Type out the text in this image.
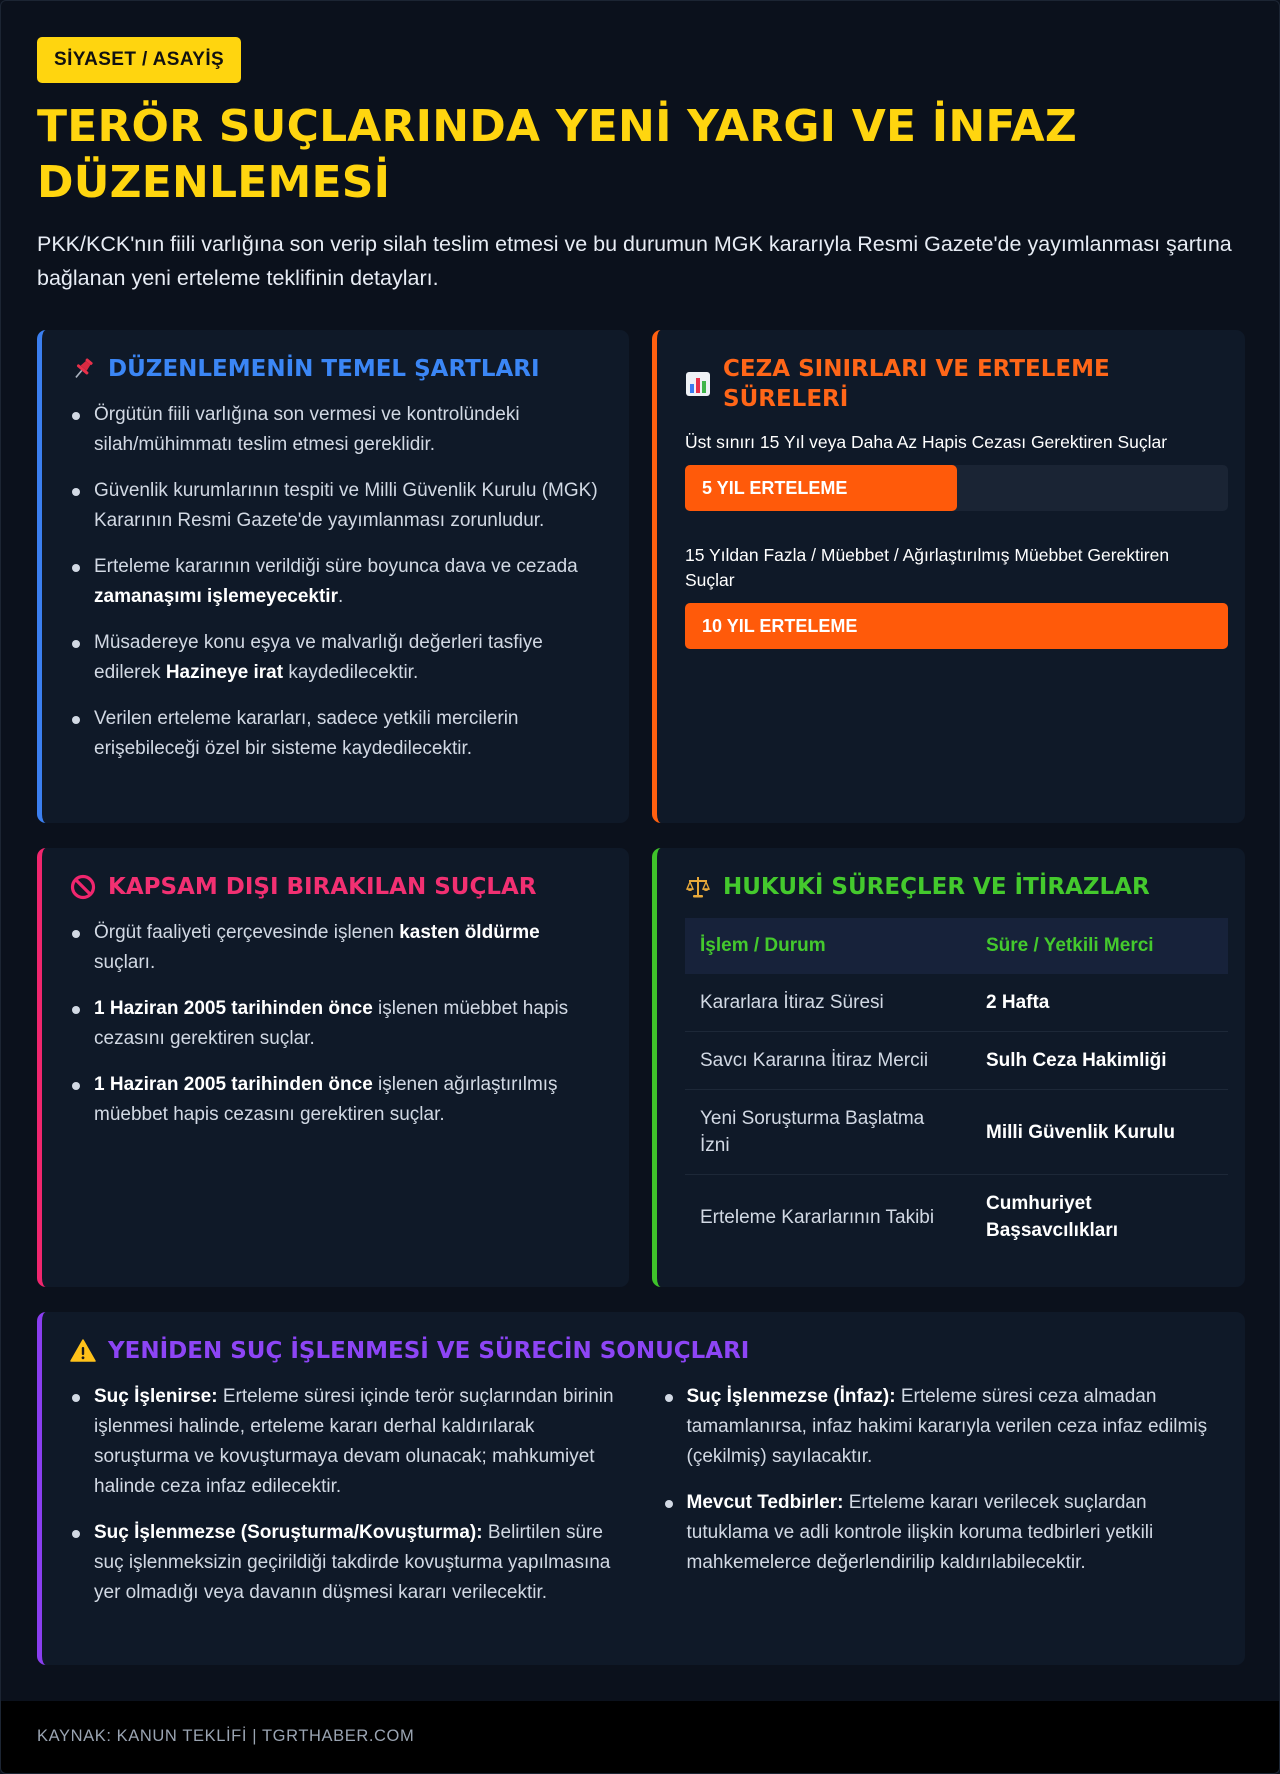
SİYASET / ASAYİŞ
TERÖR SUÇLARINDA YENİ YARGI VE İNFAZ DÜZENLEMESİ

PKK/KCK'nın fiili varlığına son verip silah teslim etmesi ve bu durumun MGK kararıyla Resmi Gazete'de yayımlanması şartına bağlanan yeni erteleme teklifinin detayları.

DÜZENLEMENİN TEMEL ŞARTLARI
Örgütün fiili varlığına son vermesi ve kontrolündeki silah/mühimmatı teslim etmesi gereklidir.
Güvenlik kurumlarının tespiti ve Milli Güvenlik Kurulu (MGK) Kararının Resmi Gazete'de yayımlanması zorunludur.
Erteleme kararının verildiği süre boyunca dava ve cezada zamanaşımı işlemeyecektir.
Müsadereye konu eşya ve malvarlığı değerleri tasfiye edilerek Hazineye irat kaydedilecektir.
Verilen erteleme kararları, sadece yetkili mercilerin erişebileceği özel bir sisteme kaydedilecektir.
CEZA SINIRLARI VE ERTELEME SÜRELERİ
Üst sınırı 15 Yıl veya Daha Az Hapis Cezası Gerektiren Suçlar
5 YIL ERTELEME
15 Yıldan Fazla / Müebbet / Ağırlaştırılmış Müebbet Gerektiren Suçlar
10 YIL ERTELEME
KAPSAM DIŞI BIRAKILAN SUÇLAR
Örgüt faaliyeti çerçevesinde işlenen kasten öldürme suçları.
1 Haziran 2005 tarihinden önce işlenen müebbet hapis cezasını gerektiren suçlar.
1 Haziran 2005 tarihinden önce işlenen ağırlaştırılmış müebbet hapis cezasını gerektiren suçlar.
HUKUKİ SÜREÇLER VE İTİRAZLAR
İşlem / Durum	Süre / Yetkili Merci
Kararlara İtiraz Süresi	2 Hafta
Savcı Kararına İtiraz Mercii	Sulh Ceza Hakimliği
Yeni Soruşturma Başlatma İzni	Milli Güvenlik Kurulu
Erteleme Kararlarının Takibi	Cumhuriyet Başsavcılıkları
YENİDEN SUÇ İŞLENMESİ VE SÜRECİN SONUÇLARI
Suç İşlenirse: Erteleme süresi içinde terör suçlarından birinin işlenmesi halinde, erteleme kararı derhal kaldırılarak soruşturma ve kovuşturmaya devam olunacak; mahkumiyet halinde ceza infaz edilecektir.
Suç İşlenmezse (Soruşturma/Kovuşturma): Belirtilen süre suç işlenmeksizin geçirildiği takdirde kovuşturma yapılmasına yer olmadığı veya davanın düşmesi kararı verilecektir.
Suç İşlenmezse (İnfaz): Erteleme süresi ceza almadan tamamlanırsa, infaz hakimi kararıyla verilen ceza infaz edilmiş (çekilmiş) sayılacaktır.
Mevcut Tedbirler: Erteleme kararı verilecek suçlardan tutuklama ve adli kontrole ilişkin koruma tedbirleri yetkili mahkemelerce değerlendirilip kaldırılabilecektir.
KAYNAK: KANUN TEKLİFİ | TGRTHABER.COM
